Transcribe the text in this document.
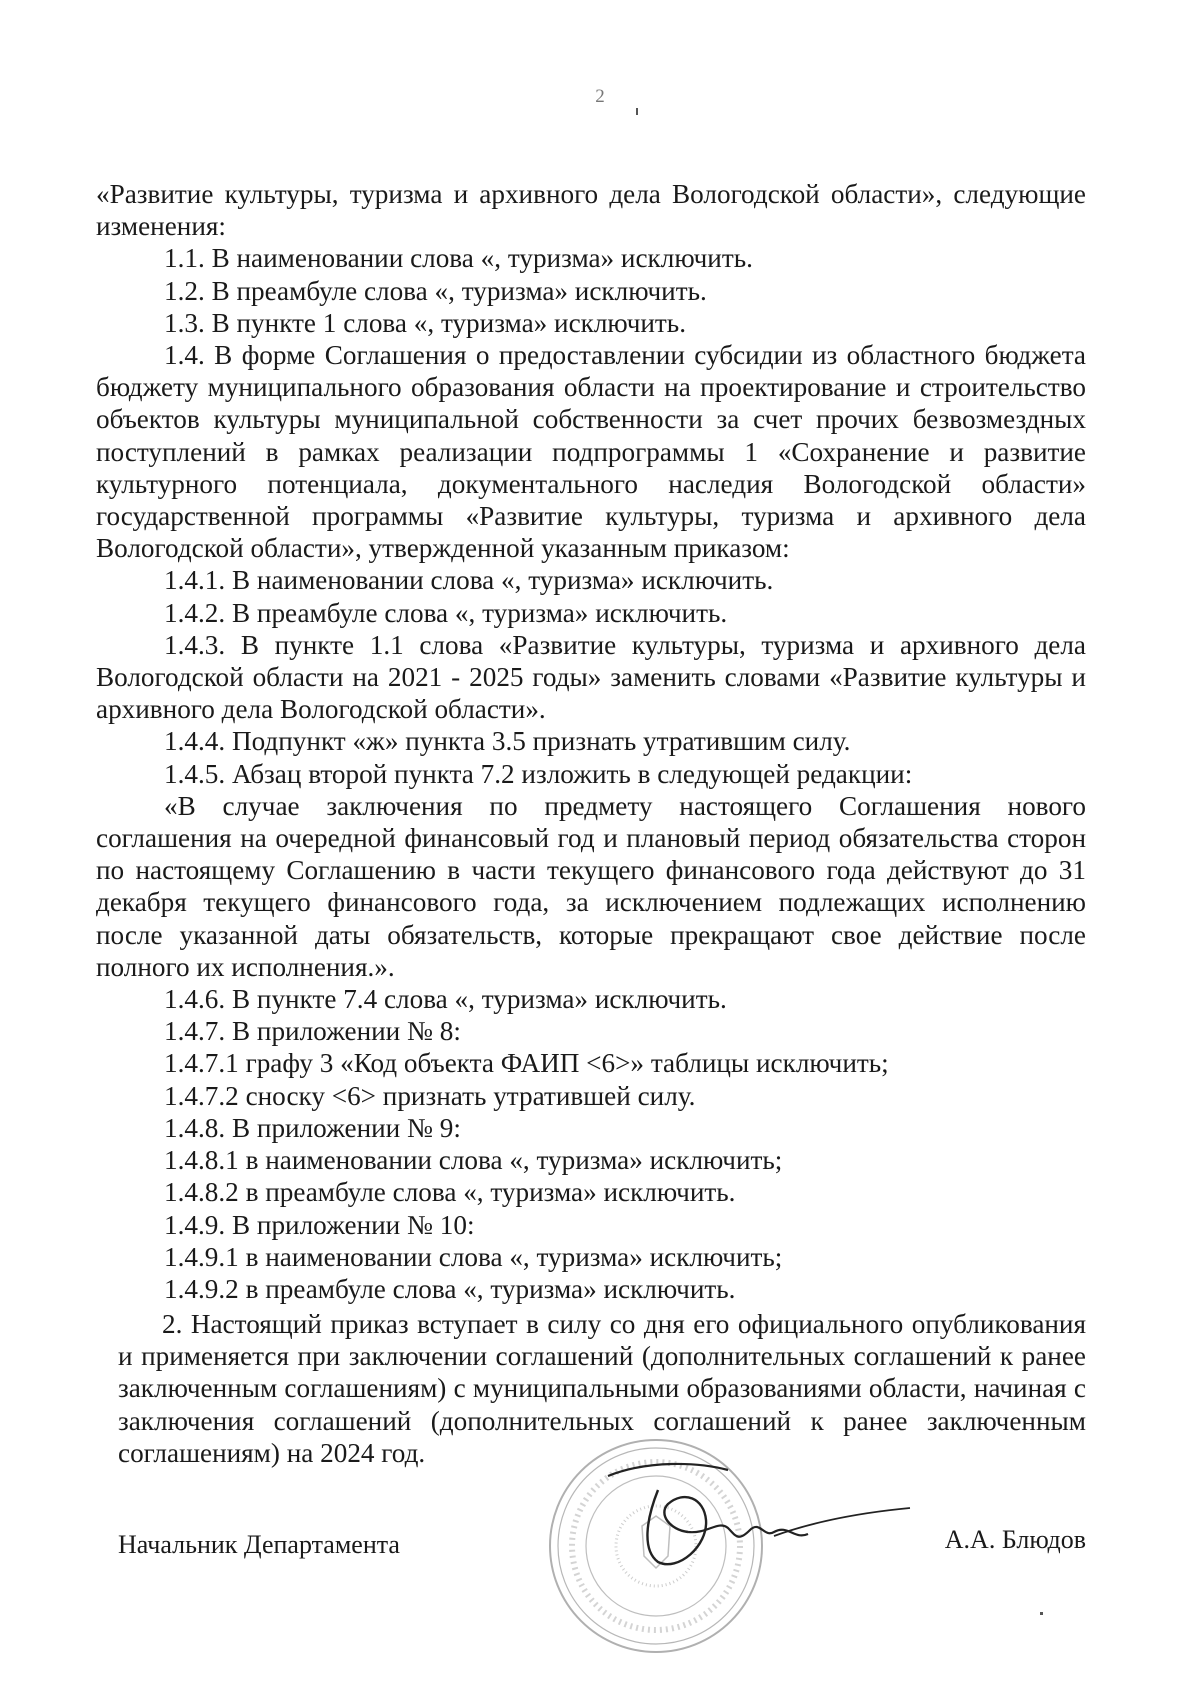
2

«Развитие культуры, туризма и архивного дела Вологодской области», следующие изменения:

1.1. В наименовании слова «, туризма» исключить.

1.2. В преамбуле слова «, туризма» исключить.

1.3. В пункте 1 слова «, туризма» исключить.

1.4. В форме Соглашения о предоставлении субсидии из областного бюджета бюджету муниципального образования области на проектирование и строительство объектов культуры муниципальной собственности за счет прочих безвозмездных поступлений в рамках реализации подпрограммы 1 «Сохранение и развитие культурного потенциала, документального наследия Вологодской области» государственной программы «Развитие культуры, туризма и архивного дела Вологодской области», утвержденной указанным приказом:

1.4.1. В наименовании слова «, туризма» исключить.

1.4.2. В преамбуле слова «, туризма» исключить.

1.4.3. В пункте 1.1 слова «Развитие культуры, туризма и архивного дела Вологодской области на 2021 - 2025 годы» заменить словами «Развитие культуры и архивного дела Вологодской области».

1.4.4. Подпункт «ж» пункта 3.5 признать утратившим силу.

1.4.5. Абзац второй пункта 7.2 изложить в следующей редакции:

«В случае заключения по предмету настоящего Соглашения нового соглашения на очередной финансовый год и плановый период обязательства сторон по настоящему Соглашению в части текущего финансового года действуют до 31 декабря текущего финансового года, за исключением подлежащих исполнению после указанной даты обязательств, которые прекращают свое действие после полного их исполнения.».

1.4.6. В пункте 7.4 слова «, туризма» исключить.

1.4.7. В приложении № 8:

1.4.7.1 графу 3 «Код объекта ФАИП <6>» таблицы исключить;

1.4.7.2 сноску <6> признать утратившей силу.

1.4.8. В приложении № 9:

1.4.8.1 в наименовании слова «, туризма» исключить;

1.4.8.2 в преамбуле слова «, туризма» исключить.

1.4.9. В приложении № 10:

1.4.9.1 в наименовании слова «, туризма» исключить;

1.4.9.2 в преамбуле слова «, туризма» исключить.

2. Настоящий приказ вступает в силу со дня его официального опубликования и применяется при заключении соглашений (дополнительных соглашений к ранее заключенным соглашениям) с муниципальными образованиями области, начиная с заключения соглашений (дополнительных соглашений к ранее заключенным соглашениям) на 2024 год.

Начальник Департамента	А.А. Блюдов
